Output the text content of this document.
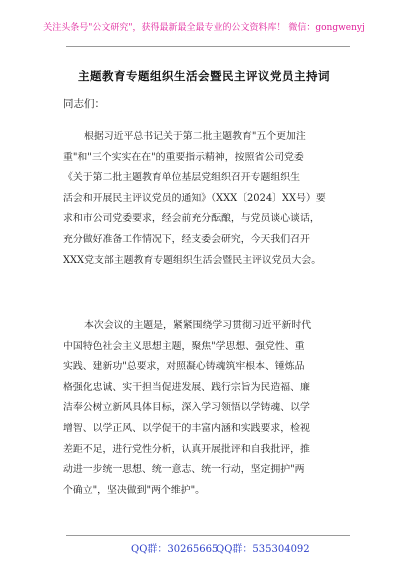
关注头条号"公文研究"，获得最新最全最专业的公文资料库！ 微信：gongwenyj
主题教育专题组织生活会暨民主评议党员主持词
同志们：
根据习近平总书记关于第二批主题教育"五个更加注
重"和"三个实实在在"的重要指示精神，按照省公司党委
《关于第二批主题教育单位基层党组织召开专题组织生
活会和开展民主评议党员的通知》（XXX〔2024〕XX号）要
求和市公司党委要求，经会前充分酝酿，与党员谈心谈话，
充分做好准备工作情况下，经支委会研究，今天我们召开
XXX党支部主题教育专题组织生活会暨民主评议党员大会。
本次会议的主题是，紧紧围绕学习贯彻习近平新时代
中国特色社会主义思想主题，聚焦"学思想、强党性、重
实践、建新功"总要求，对照凝心铸魂筑牢根本、锤炼品
格强化忠诚、实干担当促进发展、践行宗旨为民造福、廉
洁奉公树立新风具体目标，深入学习领悟以学铸魂、以学
增智、以学正风、以学促干的丰富内涵和实践要求，检视
差距不足，进行党性分析，认真开展批评和自我批评，推
动进一步统一思想、统一意志、统一行动，坚定拥护"两
个确立"，坚决做到"两个维护"。
QQ群：30265665
QQ群：535304092
